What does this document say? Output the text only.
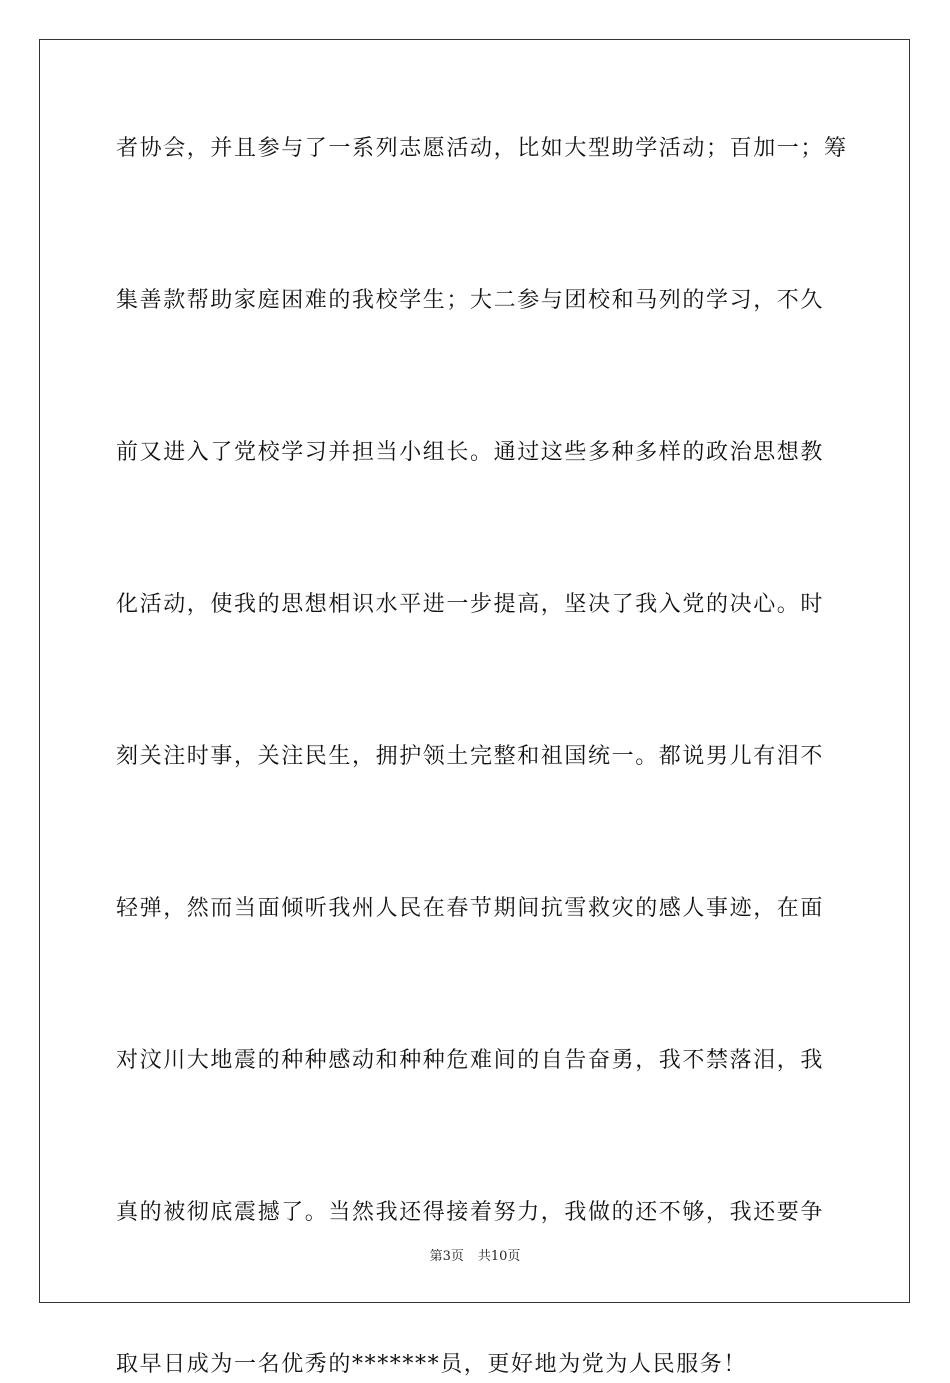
者协会，并且参与了一系列志愿活动，比如大型助学活动；百加一；筹
集善款帮助家庭困难的我校学生；大二参与团校和马列的学习，不久
前又进入了党校学习并担当小组长。通过这些多种多样的政治思想教
化活动，使我的思想相识水平进一步提高，坚决了我入党的决心。时
刻关注时事，关注民生，拥护领土完整和祖国统一。都说男儿有泪不
轻弹，然而当面倾听我州人民在春节期间抗雪救灾的感人事迹，在面
对汶川大地震的种种感动和种种危难间的自告奋勇，我不禁落泪，我
真的被彻底震撼了。当然我还得接着努力，我做的还不够，我还要争
取早日成为一名优秀的*******员，更好地为党为人民服务！
第3页 共10页
